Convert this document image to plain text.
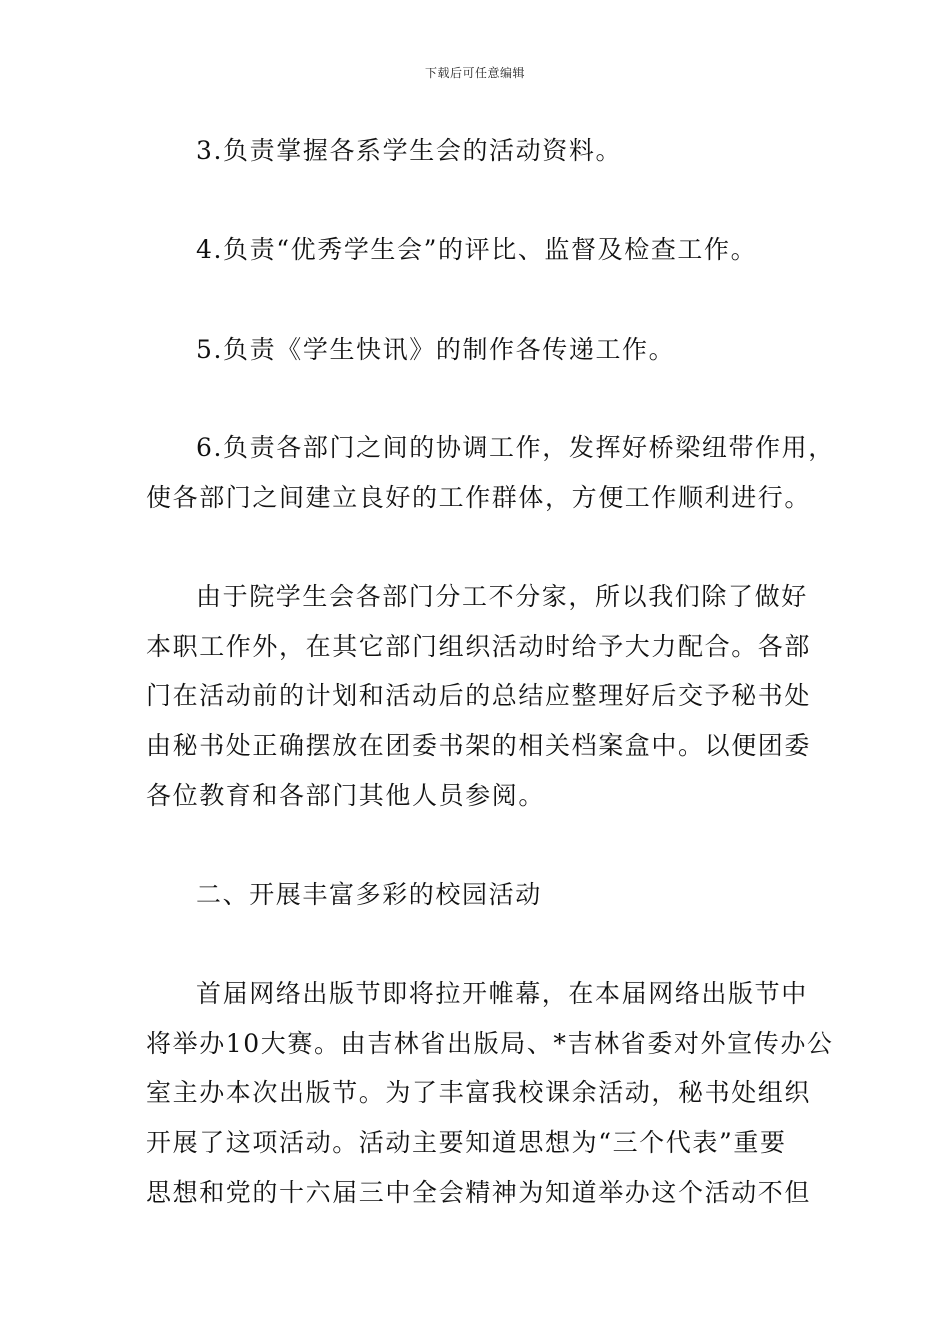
下载后可任意编辑
3.负责掌握各系学生会的活动资料。
4.负责“优秀学生会”的评比、监督及检查工作。
5.负责《学生快讯》的制作各传递工作。
6.负责各部门之间的协调工作，发挥好桥梁纽带作用，
使各部门之间建立良好的工作群体，方便工作顺利进行。
由于院学生会各部门分工不分家，所以我们除了做好
本职工作外，在其它部门组织活动时给予大力配合。各部
门在活动前的计划和活动后的总结应整理好后交予秘书处
由秘书处正确摆放在团委书架的相关档案盒中。以便团委
各位教育和各部门其他人员参阅。
二、开展丰富多彩的校园活动
首届网络出版节即将拉开帷幕，在本届网络出版节中
将举办10大赛。由吉林省出版局、*吉林省委对外宣传办公
室主办本次出版节。为了丰富我校课余活动，秘书处组织
开展了这项活动。活动主要知道思想为“三个代表”重要
思想和党的十六届三中全会精神为知道举办这个活动不但
